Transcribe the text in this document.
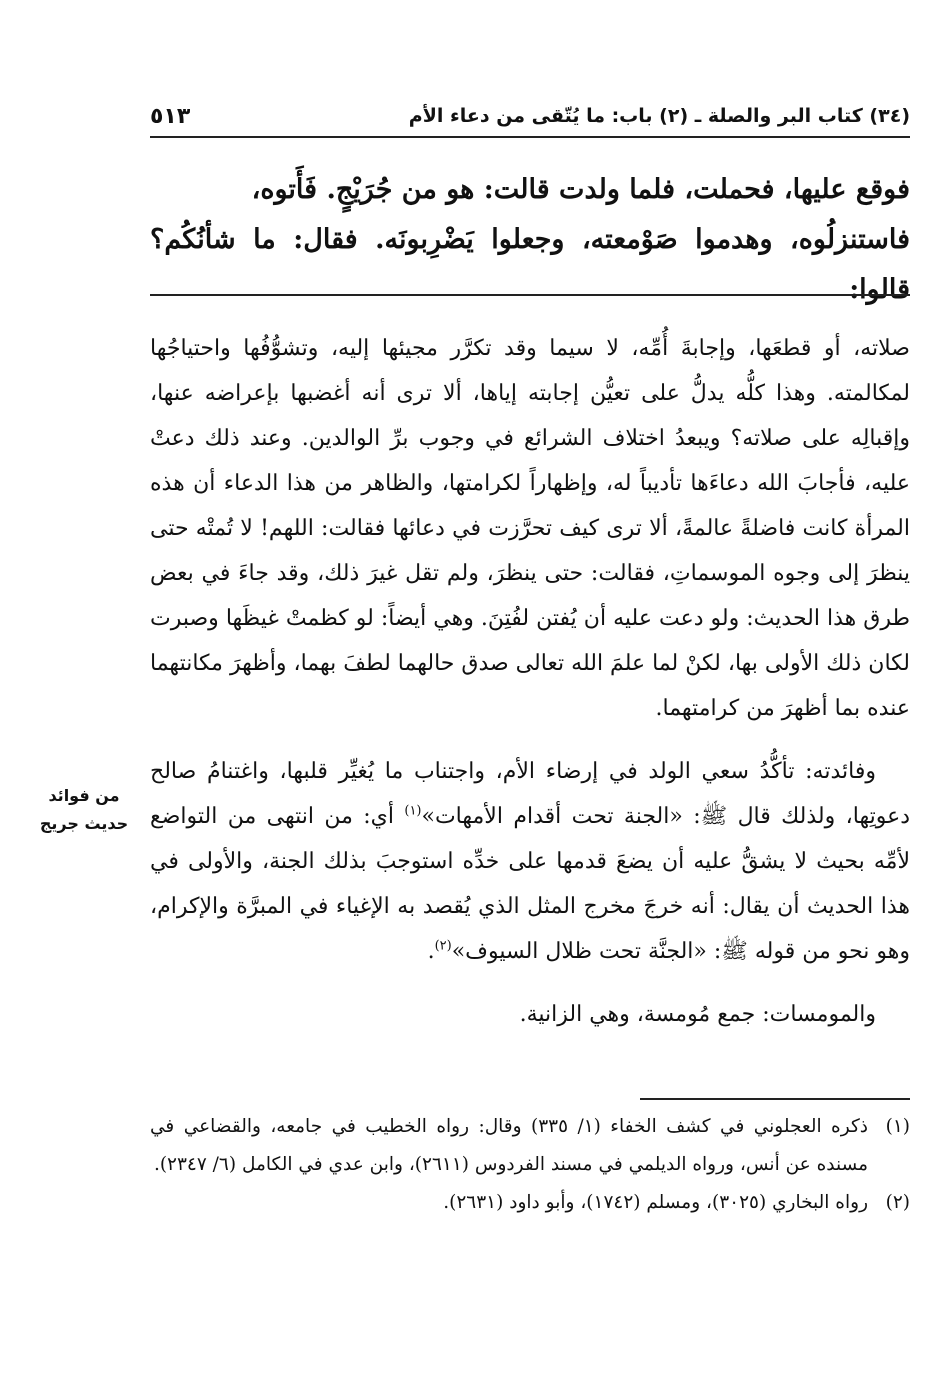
٥١٣	(٣٤) كتاب البر والصلة ـ (٢) باب: ما يُتّقى من دعاء الأم

فوقع عليها، فحملت، فلما ولدت قالت: هو من جُرَيْجٍ. فَأَتوه،

فاستنزلُوه، وهدموا صَوْمعته، وجعلوا يَضْرِبونَه. فقال: ما شأنُكُم؟ قالوا:

صلاته، أو قطعَها، وإجابةَ أُمِّه، لا سيما وقد تكرَّر مجيئها إليه، وتشوُّفُها واحتياجُها لمكالمته. وهذا كلُّه يدلُّ على تعيُّن إجابته إياها، ألا ترى أنه أغضبها بإعراضه عنها، وإقبالِه على صلاته؟ ويبعدُ اختلاف الشرائع في وجوب برِّ الوالدين. وعند ذلك دعتْ عليه، فأجابَ الله دعاءَها تأديباً له، وإظهاراً لكرامتها، والظاهر من هذا الدعاء أن هذه المرأة كانت فاضلةً عالمةً، ألا ترى كيف تحرَّزت في دعائها فقالت: اللهم! لا تُمتْه حتى ينظرَ إلى وجوه الموسماتِ، فقالت: حتى ينظرَ، ولم تقل غيرَ ذلك، وقد جاءَ في بعض طرق هذا الحديث: ولو دعت عليه أن يُفتن لفُتِنَ. وهي أيضاً: لو كظمتْ غيظَها وصبرت لكان ذلك الأولى بها، لكنْ لما علمَ الله تعالى صدق حالهما لطفَ بهما، وأظهرَ مكانتهما عنده بما أظهرَ من كرامتهما.

وفائدته: تأكُّدُ سعي الولد في إرضاء الأم، واجتناب ما يُغيِّر قلبها، واغتنامُ صالح دعوتِها، ولذلك قال ﷺ: «الجنة تحت أقدام الأمهات»$^{(١)}$ أي: من انتهى من التواضع لأمِّه بحيث لا يشقُّ عليه أن يضعَ قدمها على خدِّه استوجبَ بذلك الجنة، والأولى في هذا الحديث أن يقال: أنه خرجَ مخرج المثل الذي يُقصد به الإغياء في المبرَّة والإكرام، وهو نحو من قوله ﷺ: «الجنَّة تحت ظلال السيوف»$^{(٢)}$.

والمومسات: جمع مُومسة، وهي الزانية.

من فوائد
حديث جريج
(١)
ذكره العجلوني في كشف الخفاء (١/ ٣٣٥) وقال: رواه الخطيب في جامعه، والقضاعي في مسنده عن أنس، ورواه الديلمي في مسند الفردوس (٢٦١١)، وابن عدي في الكامل (٦/ ٢٣٤٧).
(٢)
رواه البخاري (٣٠٢٥)، ومسلم (١٧٤٢)، وأبو داود (٢٦٣١).
